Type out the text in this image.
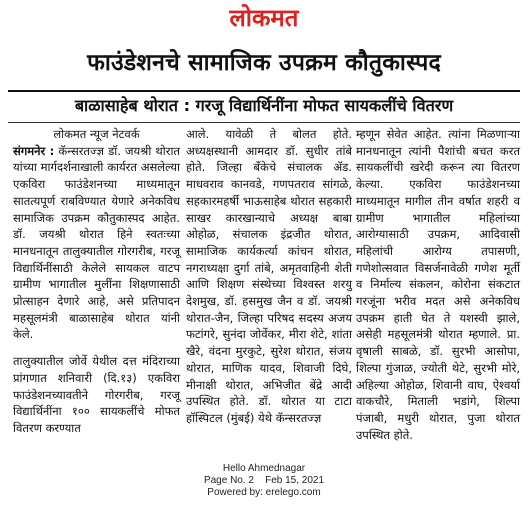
लोकमत
फाउंडेशनचे सामाजिक उपक्रम कौतुकास्पद
बाळासाहेब थोरात : गरजू विद्यार्थिनींना मोफत सायकलींचे वितरण
लोकमत न्यूज नेटवर्क

संगमनेर : कॅन्सरतज्ज्ञ डॉ. जयश्री थोरात यांच्या मार्गदर्शनाखाली कार्यरत असलेल्या एकविरा फाउंडेशनच्या माध्यमातून सातत्यपूर्ण राबविण्यात येणारे अनेकविध सामाजिक उपक्रम कौतुकास्पद आहेत. डॉ. जयश्री थोरात हिने स्वतःच्या मानधनातून तालुक्यातील गोरगरीब, गरजू विद्यार्थिनींसाठी केलेले सायकल वाटप ग्रामीण भागातील मुलींना शिक्षणासाठी प्रोत्साहन देणारे आहे, असे प्रतिपादन महसूलमंत्री बाळासाहेब थोरात यांनी केले.

तालुक्यातील जोर्वे येथील दत्त मंदिराच्या प्रांगणात शनिवारी (दि.१३) एकविरा फाउंडेशनच्यावतीने गोरगरीब, गरजू विद्यार्थिनींना १०० सायकलींचे मोफत वितरण करण्यात

आले. यावेळी ते बोलत होते. अध्यक्षस्थानी आमदार डॉ. सुधीर तांबे होते. जिल्हा बँकेचे संचालक ॲड. माधवराव कानवडे, गणपतराव सांगळे, सहकारमहर्षी भाऊसाहेब थोरात सहकारी साखर कारखान्याचे अध्यक्ष बाबा ओहोळ, संचालक इंद्रजीत थोरात, सामाजिक कार्यकर्त्या कांचन थोरात, नगराध्यक्षा दुर्गा तांबे, अमृतवाहिनी शेती आणि शिक्षण संस्थेच्या विश्वस्त शरयु देशमुख, डॉ. हसमुख जैन व डॉ. जयश्री थोरात-जैन, जिल्हा परिषद सदस्य अजय फटांगरे, सुनंदा जोर्वेकर, मीरा शेटे, शांता खैरे, वंदना मुरकुटे, सुरेश थोरात, संजय थोरात, माणिक यादव, शिवाजी दिघे, मीनाक्षी थोरात, अभिजीत बेंद्रे आदी उपस्थित होते. डॉ. थोरात या टाटा हॉस्पिटल (मुंबई) येथे कॅन्सरतज्ज्ञ

म्हणून सेवेत आहेत. त्यांना मिळणाऱ्या मानधनातून त्यांनी पैशांची बचत करत सायकलींची खरेदी करून त्या वितरण केल्या. एकविरा फाउंडेशनच्या माध्यमातून मागील तीन वर्षात शहरी व ग्रामीण भागातील महिलांच्या आरोग्यासाठी उपक्रम, आदिवासी महिलांची आरोग्य तपासणी, गणेशोत्सवात विसर्जनावेळी गणेश मूर्ती व निर्माल्य संकलन, कोरोना संकटात गरजूंना भरीव मदत असे अनेकविध उपक्रम हाती घेत ते यशस्वी झाले, असेही महसूलमंत्री थोरात म्हणाले. प्रा. वृषाली साबळे, डॉ. सुरभी आसोपा, शिल्पा गुंजाळ, ज्योती थेटे, सुरभी मोरे, अहिल्या ओहोळ, शिवानी वाघ, ऐश्वर्या वाकचौरे, मिताली भडांगे, शिल्पा पंजाबी, मधुरी थोरात, पुजा थोरात उपस्थित होते.

Hello Ahmednagar
Page No. 2    Feb 15, 2021
Powered by: erelego.com
